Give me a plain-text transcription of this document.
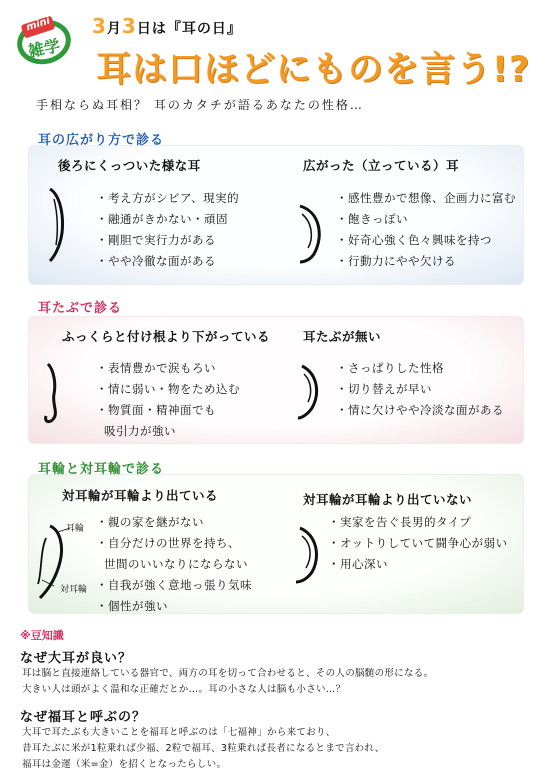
mini
雑学
3月3日は『耳の日』
耳は口ほどにものを言う!?
手相ならぬ耳相？ 耳のカタチが語るあなたの性格…
耳の広がり方で診る
後ろにくっついた様な耳
・考え方がシビア、現実的
・融通がきかない・頑固
・剛胆で実行力がある
・やや冷徹な面がある
広がった（立っている）耳
・感性豊かで想像、企画力に富む
・飽きっぽい
・好奇心強く色々興味を持つ
・行動力にやや欠ける
耳たぶで診る
ふっくらと付け根より下がっている
・表情豊かで涙もろい
・情に弱い・物をため込む
・物質面・精神面でも
吸引力が強い
耳たぶが無い
・さっぱりした性格
・切り替えが早い
・情に欠けやや冷淡な面がある
耳輪と対耳輪で診る
対耳輪が耳輪より出ている
耳輪
対耳輪
・親の家を継がない
・自分だけの世界を持ち、
世間のいいなりにならない
・自我が強く意地っ張り気味
・個性が強い
対耳輪が耳輪より出ていない
・実家を告ぐ長男的タイプ
・オットりしていて闘争心が弱い
・用心深い
※豆知識
なぜ大耳が良い？
耳は脳と直接連絡している器官で、両方の耳を切って合わせると、その人の脳髄の形になる。
大きい人は頭がよく温和な正確だとか…。耳の小さな人は脳も小さい…？
なぜ福耳と呼ぶの？
大耳で耳たぶも大きいことを福耳と呼ぶのは「七福神」から来ており、
昔耳たぶに米が1粒乗れば少福、2粒で福耳、3粒乗れば長者になるとまで言われ、
福耳は金運（米=金）を招くとなったらしい。
